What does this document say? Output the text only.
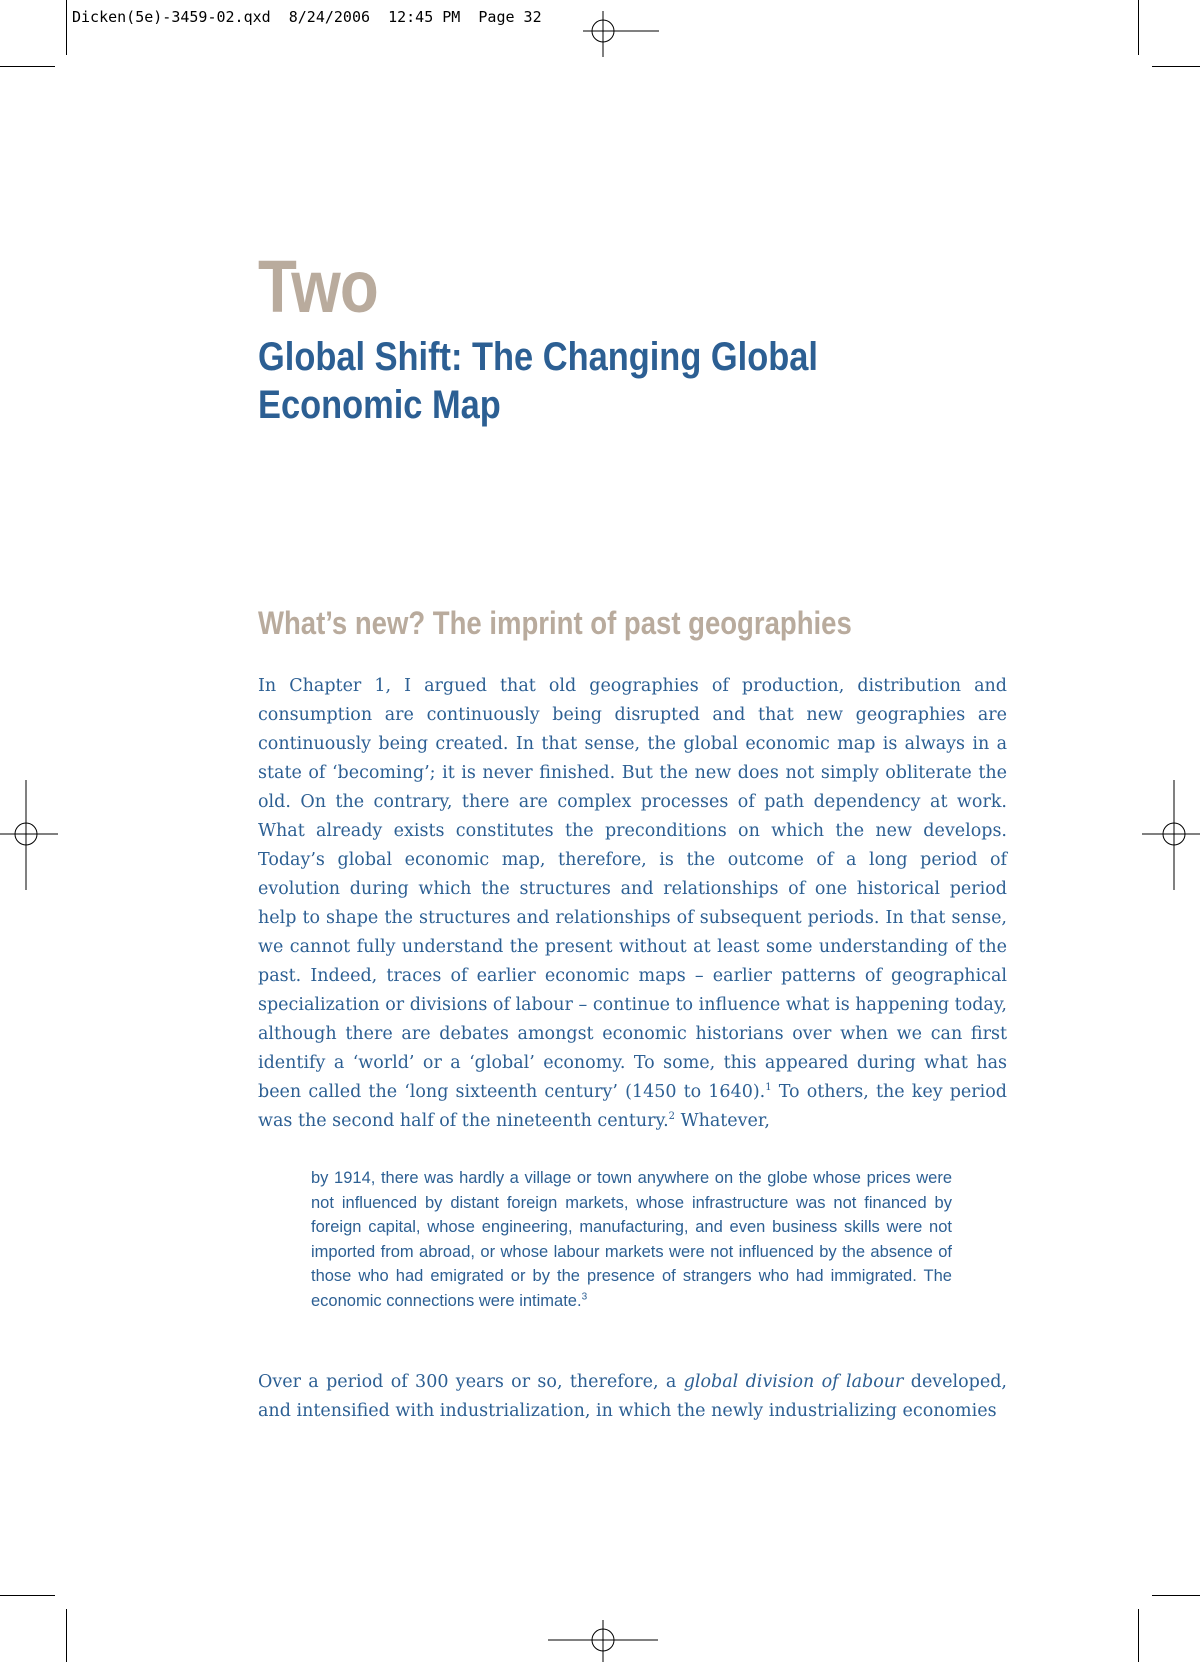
Dicken(5e)-3459-02.qxd 8/24/2006 12:45 PM Page 32
Two
Global Shift: The Changing Global Economic Map
What’s new? The imprint of past geographies

In Chapter 1, I argued that old geographies of production, distribution and consumption are continuously being disrupted and that new geographies are continuously being created. In that sense, the global economic map is always in a state of ‘becoming’; it is never finished. But the new does not simply obliterate the old. On the contrary, there are complex processes of path dependency at work. What already exists constitutes the preconditions on which the new develops. Today’s global economic map, therefore, is the outcome of a long period of evolution during which the structures and relationships of one historical period help to shape the structures and relationships of subsequent periods. In that sense, we cannot fully understand the present without at least some understanding of the past. Indeed, traces of earlier economic maps – earlier patterns of geographical specialization or divisions of labour – continue to influence what is happening today, although there are debates amongst economic historians over when we can first identify a ‘world’ or a ‘global’ economy. To some, this appeared during what has been called the ‘long sixteenth century’ (1450 to 1640).$^1$ To others, the key period was the second half of the nineteenth century.$^2$ Whatever,

by 1914, there was hardly a village or town anywhere on the globe whose prices were not influenced by distant foreign markets, whose infrastructure was not financed by foreign capital, whose engineering, manufacturing, and even business skills were not imported from abroad, or whose labour markets were not influenced by the absence of those who had emigrated or by the presence of strangers who had immigrated. The economic connections were intimate.$^3$

Over a period of 300 years or so, therefore, a global division of labour developed, and intensified with industrialization, in which the newly industrializing economies
